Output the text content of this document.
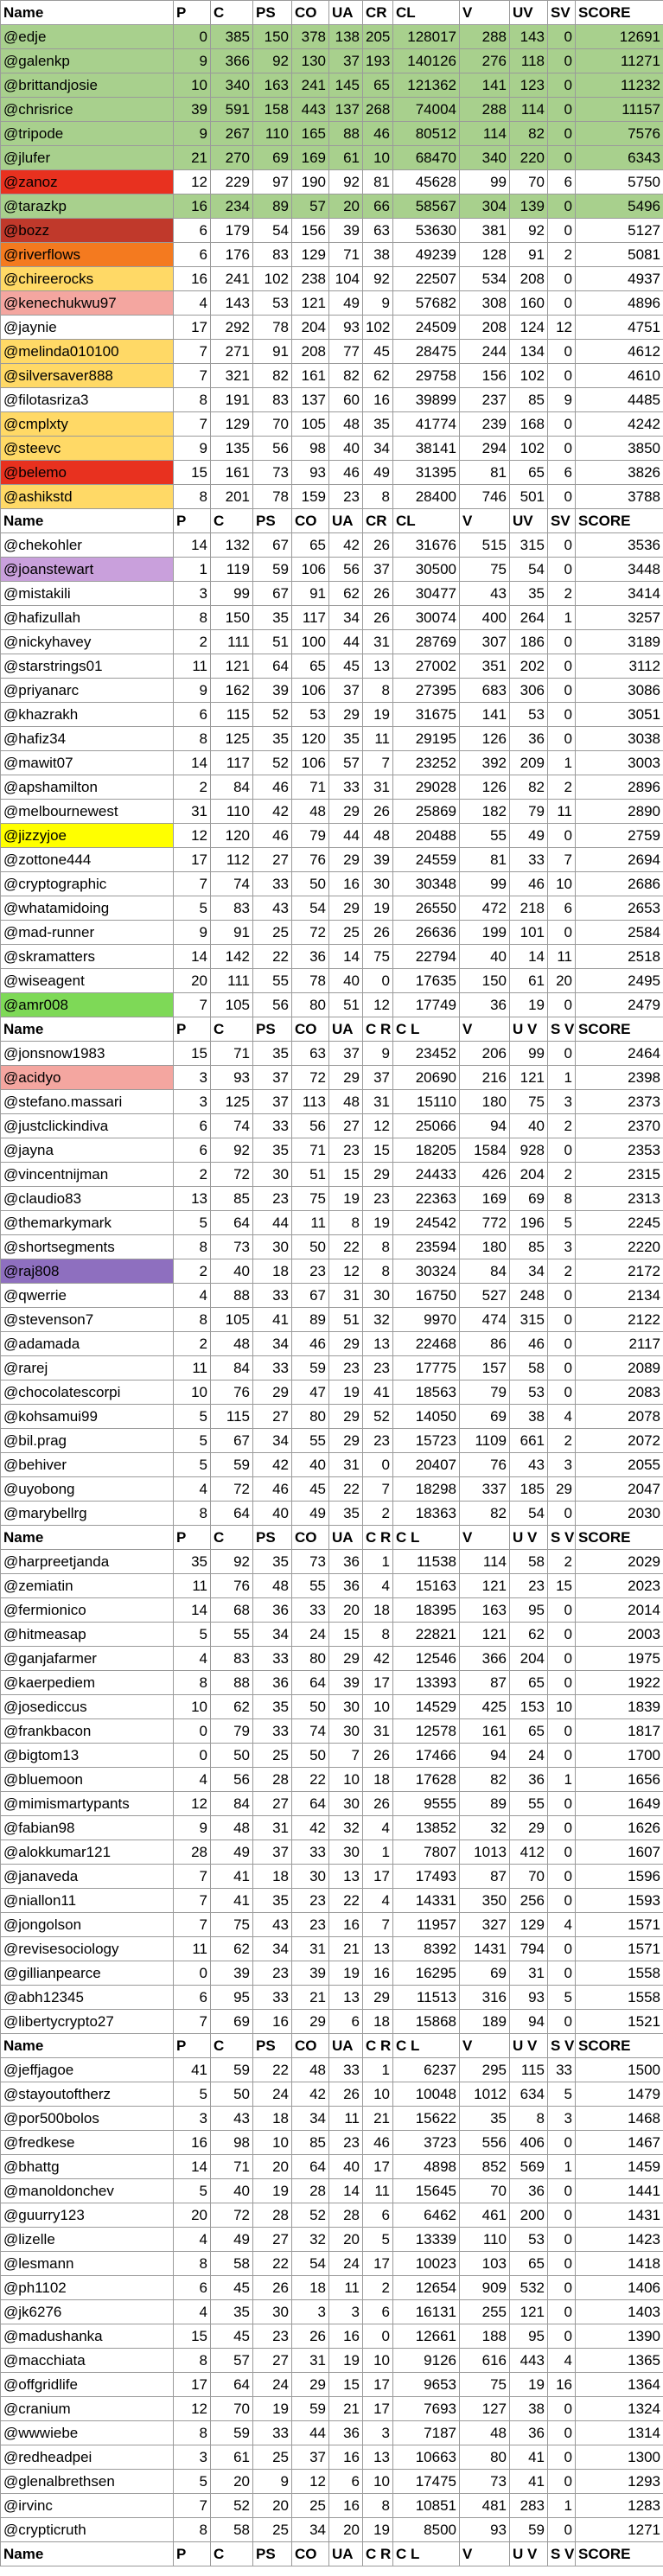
Name	P	C	PS	CO	UA	CR	CL	V	UV	SV	SCORE
@edje	0	385	150	378	138	205	128017	288	143	0	12691
@galenkp	9	366	92	130	37	193	140126	276	118	0	11271
@brittandjosie	10	340	163	241	145	65	121362	141	123	0	11232
@chrisrice	39	591	158	443	137	268	74004	288	114	0	11157
@tripode	9	267	110	165	88	46	80512	114	82	0	7576
@jlufer	21	270	69	169	61	10	68470	340	220	0	6343
@zanoz	12	229	97	190	92	81	45628	99	70	6	5750
@tarazkp	16	234	89	57	20	66	58567	304	139	0	5496
@bozz	6	179	54	156	39	63	53630	381	92	0	5127
@riverflows	6	176	83	129	71	38	49239	128	91	2	5081
@chireerocks	16	241	102	238	104	92	22507	534	208	0	4937
@kenechukwu97	4	143	53	121	49	9	57682	308	160	0	4896
@jaynie	17	292	78	204	93	102	24509	208	124	12	4751
@melinda010100	7	271	91	208	77	45	28475	244	134	0	4612
@silversaver888	7	321	82	161	82	62	29758	156	102	0	4610
@filotasriza3	8	191	83	137	60	16	39899	237	85	9	4485
@cmplxty	7	129	70	105	48	35	41774	239	168	0	4242
@steevc	9	135	56	98	40	34	38141	294	102	0	3850
@belemo	15	161	73	93	46	49	31395	81	65	6	3826
@ashikstd	8	201	78	159	23	8	28400	746	501	0	3788
Name	P	C	PS	CO	UA	CR	CL	V	UV	SV	SCORE
@chekohler	14	132	67	65	42	26	31676	515	315	0	3536
@joanstewart	1	119	59	106	56	37	30500	75	54	0	3448
@mistakili	3	99	67	91	62	26	30477	43	35	2	3414
@hafizullah	8	150	35	117	34	26	30074	400	264	1	3257
@nickyhavey	2	111	51	100	44	31	28769	307	186	0	3189
@starstrings01	11	121	64	65	45	13	27002	351	202	0	3112
@priyanarc	9	162	39	106	37	8	27395	683	306	0	3086
@khazrakh	6	115	52	53	29	19	31675	141	53	0	3051
@hafiz34	8	125	35	120	35	11	29195	126	36	0	3038
@mawit07	14	117	52	106	57	7	23252	392	209	1	3003
@apshamilton	2	84	46	71	33	31	29028	126	82	2	2896
@melbournewest	31	110	42	48	29	26	25869	182	79	11	2890
@jizzyjoe	12	120	46	79	44	48	20488	55	49	0	2759
@zottone444	17	112	27	76	29	39	24559	81	33	7	2694
@cryptographic	7	74	33	50	16	30	30348	99	46	10	2686
@whatamidoing	5	83	43	54	29	19	26550	472	218	6	2653
@mad-runner	9	91	25	72	25	26	26636	199	101	0	2584
@skramatters	14	142	22	36	14	75	22794	40	14	11	2518
@wiseagent	20	111	55	78	40	0	17635	150	61	20	2495
@amr008	7	105	56	80	51	12	17749	36	19	0	2479
Name	P	C	PS	CO	UA	C R	C L	V	U V	S V	SCORE
@jonsnow1983	15	71	35	63	37	9	23452	206	99	0	2464
@acidyo	3	93	37	72	29	37	20690	216	121	1	2398
@stefano.massari	3	125	37	113	48	31	15110	180	75	3	2373
@justclickindiva	6	74	33	56	27	12	25066	94	40	2	2370
@jayna	6	92	35	71	23	15	18205	1584	928	0	2353
@vincentnijman	2	72	30	51	15	29	24433	426	204	2	2315
@claudio83	13	85	23	75	19	23	22363	169	69	8	2313
@themarkymark	5	64	44	11	8	19	24542	772	196	5	2245
@shortsegments	8	73	30	50	22	8	23594	180	85	3	2220
@raj808	2	40	18	23	12	8	30324	84	34	2	2172
@qwerrie	4	88	33	67	31	30	16750	527	248	0	2134
@stevenson7	8	105	41	89	51	32	9970	474	315	0	2122
@adamada	2	48	34	46	29	13	22468	86	46	0	2117
@rarej	11	84	33	59	23	23	17775	157	58	0	2089
@chocolatescorpi	10	76	29	47	19	41	18563	79	53	0	2083
@kohsamui99	5	115	27	80	29	52	14050	69	38	4	2078
@bil.prag	5	67	34	55	29	23	15723	1109	661	2	2072
@behiver	5	59	42	40	31	0	20407	76	43	3	2055
@uyobong	4	72	46	45	22	7	18298	337	185	29	2047
@marybellrg	8	64	40	49	35	2	18363	82	54	0	2030
Name	P	C	PS	CO	UA	C R	C L	V	U V	S V	SCORE
@harpreetjanda	35	92	35	73	36	1	11538	114	58	2	2029
@zemiatin	11	76	48	55	36	4	15163	121	23	15	2023
@fermionico	14	68	36	33	20	18	18395	163	95	0	2014
@hitmeasap	5	55	34	24	15	8	22821	121	62	0	2003
@ganjafarmer	4	83	33	80	29	42	12546	366	204	0	1975
@kaerpediem	8	88	36	64	39	17	13393	87	65	0	1922
@josediccus	10	62	35	50	30	10	14529	425	153	10	1839
@frankbacon	0	79	33	74	30	31	12578	161	65	0	1817
@bigtom13	0	50	25	50	7	26	17466	94	24	0	1700
@bluemoon	4	56	28	22	10	18	17628	82	36	1	1656
@mimismartypants	12	84	27	64	30	26	9555	89	55	0	1649
@fabian98	9	48	31	42	32	4	13852	32	29	0	1626
@alokkumar121	28	49	37	33	30	1	7807	1013	412	0	1607
@janaveda	7	41	18	30	13	17	17493	87	70	0	1596
@niallon11	7	41	35	23	22	4	14331	350	256	0	1593
@jongolson	7	75	43	23	16	7	11957	327	129	4	1571
@revisesociology	11	62	34	31	21	13	8392	1431	794	0	1571
@gillianpearce	0	39	23	39	19	16	16295	69	31	0	1558
@abh12345	6	95	33	21	13	29	11513	316	93	5	1558
@libertycrypto27	7	69	16	29	6	18	15868	189	94	0	1521
Name	P	C	PS	CO	UA	C R	C L	V	U V	S V	SCORE
@jeffjagoe	41	59	22	48	33	1	6237	295	115	33	1500
@stayoutoftherz	5	50	24	42	26	10	10048	1012	634	5	1479
@por500bolos	3	43	18	34	11	21	15622	35	8	3	1468
@fredkese	16	98	10	85	23	46	3723	556	406	0	1467
@bhattg	14	71	20	64	40	17	4898	852	569	1	1459
@manoldonchev	5	40	19	28	14	11	15645	70	36	0	1441
@guurry123	20	72	28	52	28	6	6462	461	200	0	1431
@lizelle	4	49	27	32	20	5	13339	110	53	0	1423
@lesmann	8	58	22	54	24	17	10023	103	65	0	1418
@ph1102	6	45	26	18	11	2	12654	909	532	0	1406
@jk6276	4	35	30	3	3	6	16131	255	121	0	1403
@madushanka	15	45	23	26	16	0	12661	188	95	0	1390
@macchiata	8	57	27	31	19	10	9126	616	443	4	1365
@offgridlife	17	64	24	29	15	17	9653	75	19	16	1364
@cranium	12	70	19	59	21	17	7693	127	38	0	1324
@wwwiebe	8	59	33	44	36	3	7187	48	36	0	1314
@redheadpei	3	61	25	37	16	13	10663	80	41	0	1300
@glenalbrethsen	5	20	9	12	6	10	17475	73	41	0	1293
@irvinc	7	52	20	25	16	8	10851	481	283	1	1283
@crypticruth	8	58	25	34	20	19	8500	93	59	0	1271
Name	P	C	PS	CO	UA	C R	C L	V	U V	S V	SCORE
